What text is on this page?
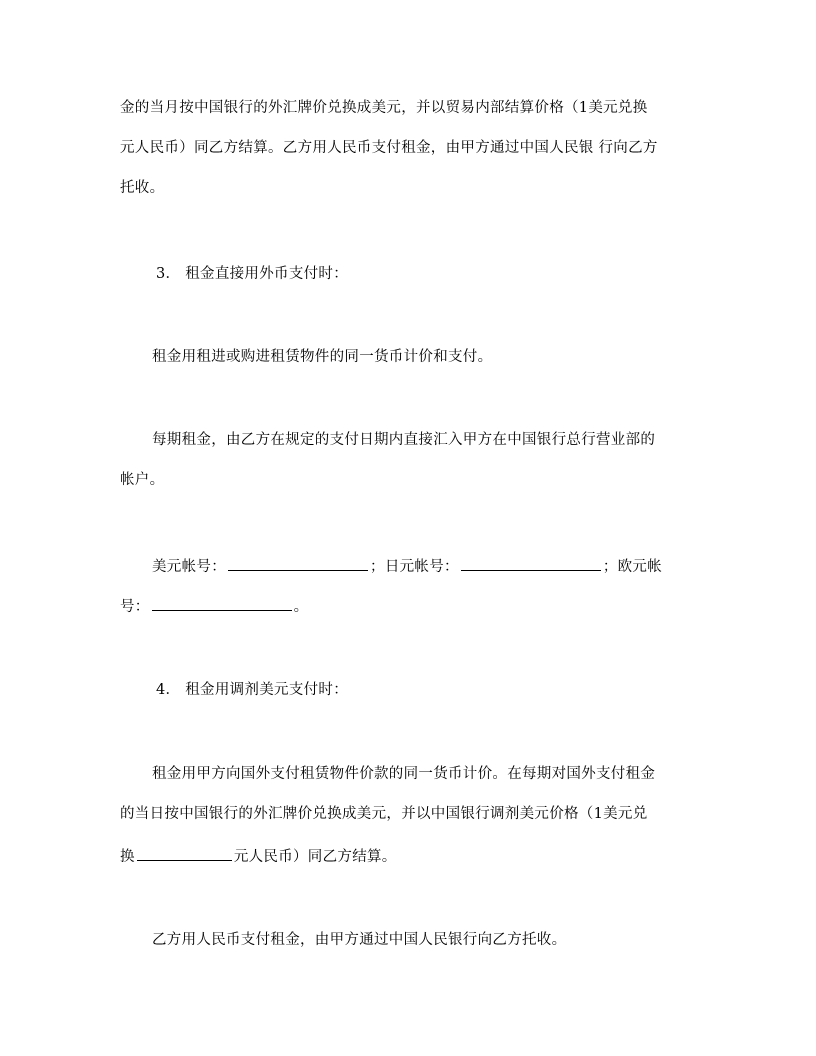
金的当月按中国银行的外汇牌价兑换成美元，并以贸易内部结算价格（1美元兑换
元人民币）同乙方结算。乙方用人民币支付租金，由甲方通过中国人民银 行向乙方
托收。
3． 租金直接用外币支付时：
租金用租进或购进租赁物件的同一货币计价和支付。
每期租金，由乙方在规定的支付日期内直接汇入甲方在中国银行总行营业部的
帐户。
美元帐号：	；日元帐号：	；欧元帐
号：	。
4． 租金用调剂美元支付时：
租金用甲方向国外支付租赁物件价款的同一货币计价。在每期对国外支付租金
的当日按中国银行的外汇牌价兑换成美元，并以中国银行调剂美元价格（1美元兑
换	元人民币）同乙方结算。
乙方用人民币支付租金，由甲方通过中国人民银行向乙方托收。
